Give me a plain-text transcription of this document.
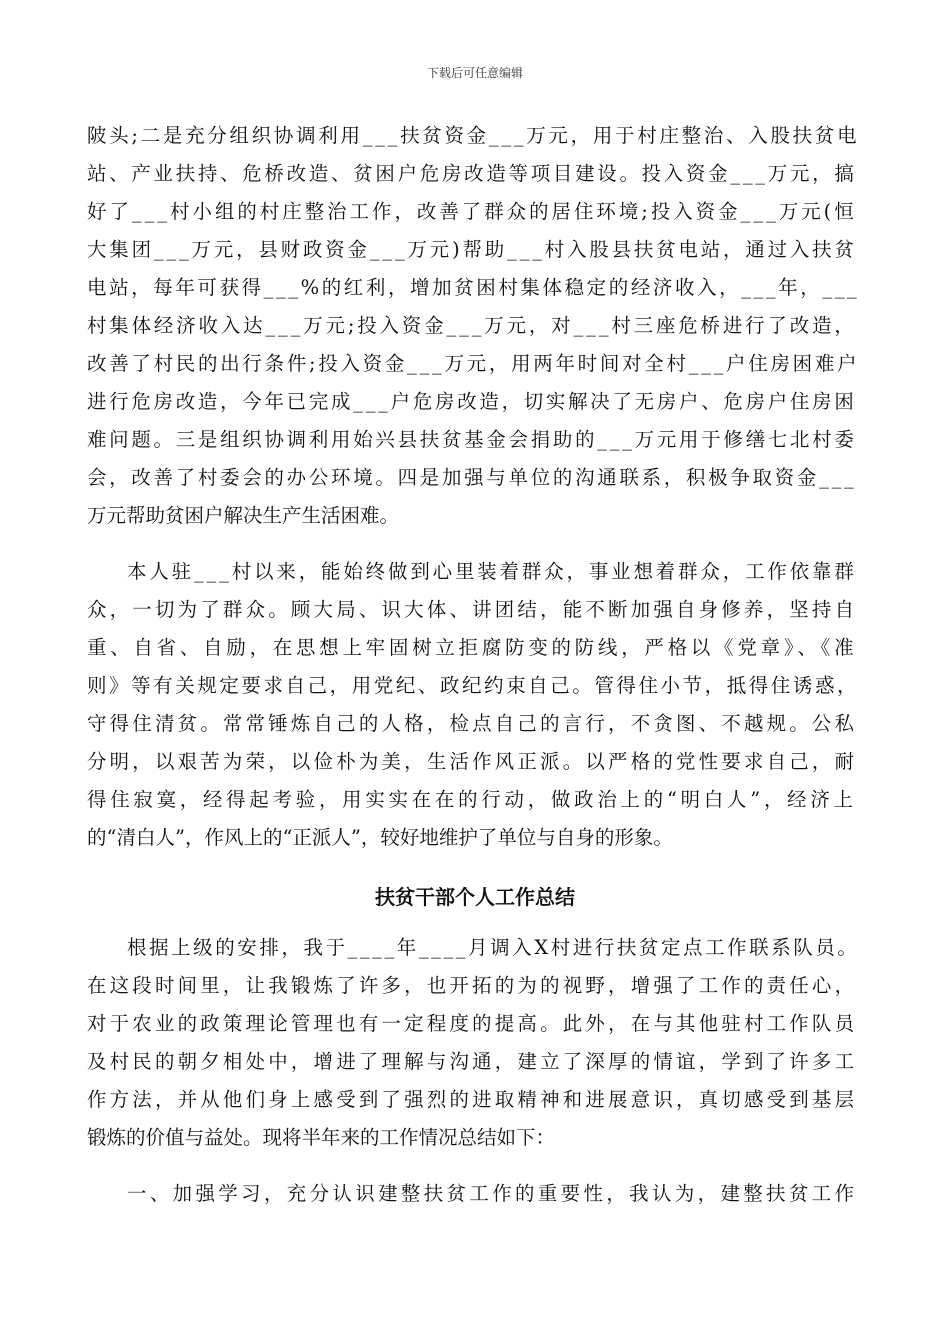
下载后可任意编辑
陂头;二是充分组织协调利用___扶贫资金___万元，用于村庄整治、入股扶贫电
站、产业扶持、危桥改造、贫困户危房改造等项目建设。投入资金___万元，搞
好了___村小组的村庄整治工作，改善了群众的居住环境;投入资金___万元(恒
大集团___万元，县财政资金___万元)帮助___村入股县扶贫电站，通过入扶贫
电站，每年可获得___%的红利，增加贫困村集体稳定的经济收入，___年，___
村集体经济收入达___万元;投入资金___万元，对___村三座危桥进行了改造，
改善了村民的出行条件;投入资金___万元，用两年时间对全村___户住房困难户
进行危房改造，今年已完成___户危房改造，切实解决了无房户、危房户住房困
难问题。三是组织协调利用始兴县扶贫基金会捐助的___万元用于修缮七北村委
会，改善了村委会的办公环境。四是加强与单位的沟通联系，积极争取资金___
万元帮助贫困户解决生产生活困难。
本人驻___村以来，能始终做到心里装着群众，事业想着群众，工作依靠群
众，一切为了群众。顾大局、识大体、讲团结，能不断加强自身修养，坚持自
重、自省、自励，在思想上牢固树立拒腐防变的防线，严格以《党章》、《准
则》等有关规定要求自己，用党纪、政纪约束自己。管得住小节，抵得住诱惑，
守得住清贫。常常锤炼自己的人格，检点自己的言行，不贪图、不越规。公私
分明，以艰苦为荣，以俭朴为美，生活作风正派。以严格的党性要求自己，耐
得住寂寞，经得起考验，用实实在在的行动，做政治上的“明白人”，经济上
的“清白人”，作风上的“正派人”，较好地维护了单位与自身的形象。
扶贫干部个人工作总结
根据上级的安排，我于____年____月调入X村进行扶贫定点工作联系队员。
在这段时间里，让我锻炼了许多，也开拓的为的视野，增强了工作的责任心，
对于农业的政策理论管理也有一定程度的提高。此外，在与其他驻村工作队员
及村民的朝夕相处中，增进了理解与沟通，建立了深厚的情谊，学到了许多工
作方法，并从他们身上感受到了强烈的进取精神和进展意识，真切感受到基层
锻炼的价值与益处。现将半年来的工作情况总结如下：
一、加强学习，充分认识建整扶贫工作的重要性，我认为，建整扶贫工作
